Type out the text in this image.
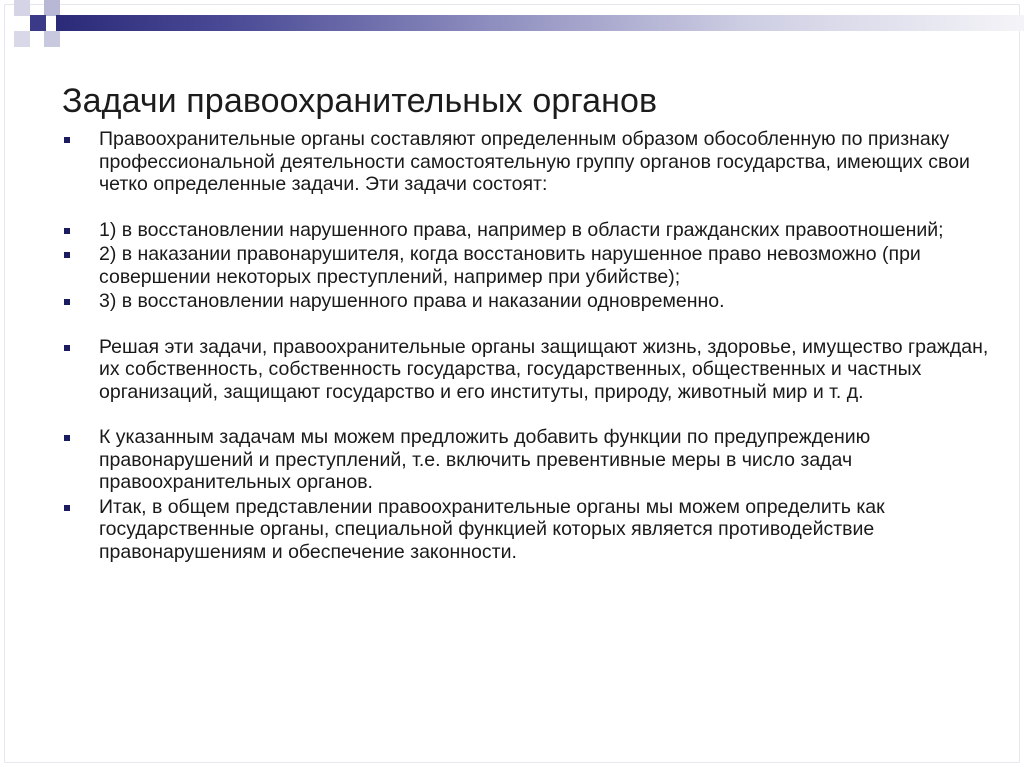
Задачи правоохранительных органов
Правоохранительные органы составляют определенным образом обособленную по признаку профессиональной деятельности самостоятельную группу органов государства, имеющих свои четко определенные задачи. Эти задачи состоят:
1) в восстановлении нарушенного права, например в области гражданских правоотношений;
2) в наказании правонарушителя, когда восстановить нарушенное право невозможно (при совершении некоторых преступлений, например при убийстве);
3) в восстановлении нарушенного права и наказании одновременно.
Решая эти задачи, правоохранительные органы защищают жизнь, здоровье, имущество граждан, их собственность, собственность государства, государственных, общественных и частных организаций, защищают государство и его институты, природу, животный мир и т. д.
К указанным задачам мы можем предложить добавить функции по предупреждению правонарушений и преступлений, т.е. включить превентивные меры в число задач правоохранительных органов.
Итак, в общем представлении правоохранительные органы мы можем определить как государственные органы, специальной функцией которых является противодействие правонарушениям и обеспечение законности.
